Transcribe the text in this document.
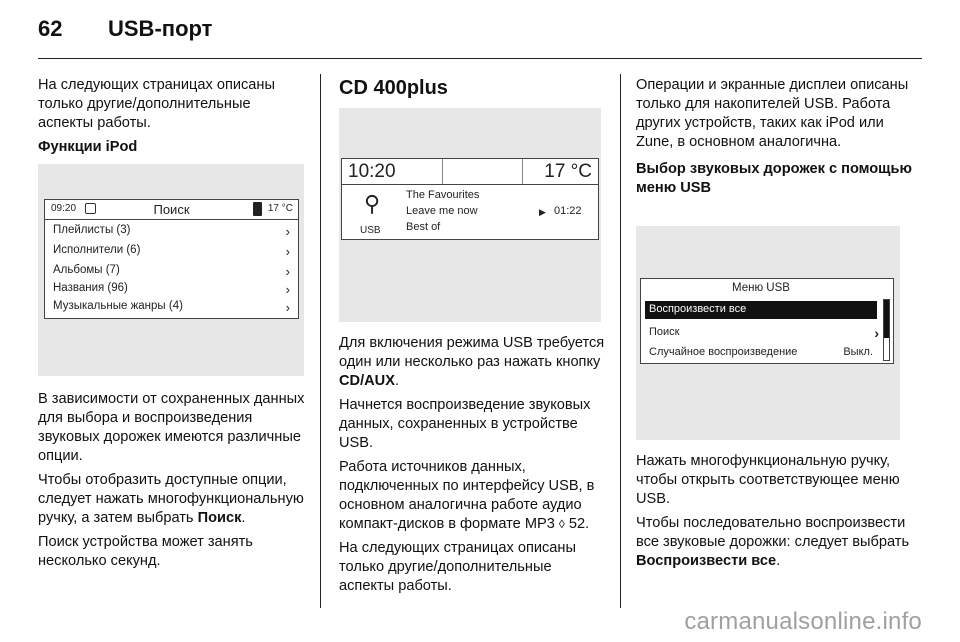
62 USB-порт

На следующих страницах описаны только другие/дополнительные аспекты работы.

Функции iPod
09:20	Поиск	17 °C
Плейлисты (3)	›
Исполнители (6)	›
Альбомы (7)	›
Названия (96)	›
Музыкальные жанры (4)	›

В зависимости от сохраненных данных для выбора и воспроизведения звуковых дорожек имеются различные опции.

Чтобы отобразить доступные опции, следует нажать многофункциональную ручку, а затем выбрать Поиск.

Поиск устройства может занять несколько секунд.

CD 400plus
10:20	17 °C
⚲
USB
The Favourites
Leave me now
Best of
▶ 01:22

Для включения режима USB требуется один или несколько раз нажать кнопку CD/AUX.

Начнется воспроизведение звуковых данных, сохраненных в устройстве USB.

Работа источников данных, подключенных по интерфейсу USB, в основном аналогична работе аудио компакт-дисков в формате MP3 ◊ 52.

На следующих страницах описаны только другие/дополнительные аспекты работы.

Операции и экранные дисплеи описаны только для накопителей USB. Работа других устройств, таких как iPod или Zune, в основном аналогична.

Выбор звуковых дорожек с помощью меню USB
Меню USB
Воспроизвести все
Поиск	›
Случайное воспроизведение	Выкл.

Нажать многофункциональную ручку, чтобы открыть соответствующее меню USB.

Чтобы последовательно воспроизвести все звуковые дорожки: следует выбрать Воспроизвести все.

carmanualsonline.info
